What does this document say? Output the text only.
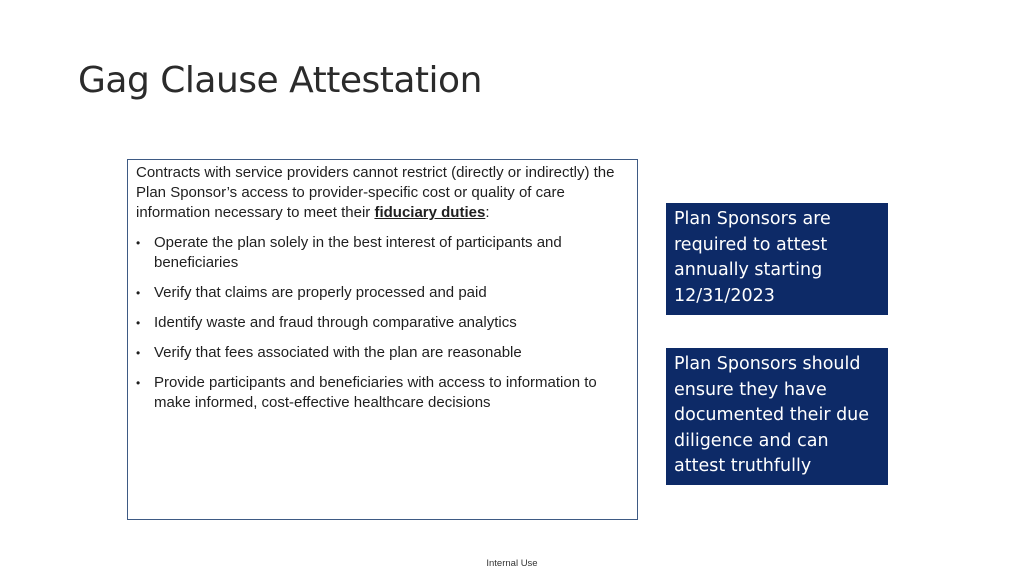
Gag Clause Attestation

Contracts with service providers cannot restrict (directly or indirectly) the Plan Sponsor’s access to provider-specific cost or quality of care information necessary to meet their fiduciary duties:

• Operate the plan solely in the best interest of participants and beneficiaries
• Verify that claims are properly processed and paid
• Identify waste and fraud through comparative analytics
• Verify that fees associated with the plan are reasonable
• Provide participants and beneficiaries with access to information to make informed, cost-effective healthcare decisions
Plan Sponsors are required to attest annually starting 12/31/2023
Plan Sponsors should ensure they have documented their due diligence and can attest truthfully
Internal Use
